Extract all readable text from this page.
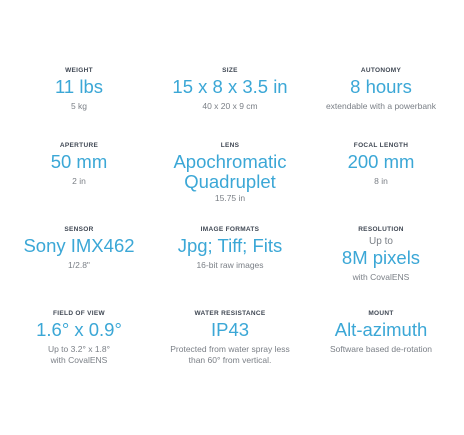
WEIGHT
11 lbs
5 kg
SIZE
15 x 8 x 3.5 in
40 x 20 x 9 cm
AUTONOMY
8 hours
extendable with a powerbank
APERTURE
50 mm
2 in
LENS
Apochromatic
Quadruplet
15.75 in
FOCAL LENGTH
200 mm
8 in
SENSOR
Sony IMX462
1/2.8"
IMAGE FORMATS
Jpg; Tiff; Fits
16-bit raw images
RESOLUTION
Up to
8M pixels
with CovalENS
FIELD OF VIEW
1.6° x 0.9°
Up to 3.2° x 1.8°
with CovalENS
WATER RESISTANCE
IP43
Protected from water spray less
than 60° from vertical.
MOUNT
Alt-azimuth
Software based de-rotation
